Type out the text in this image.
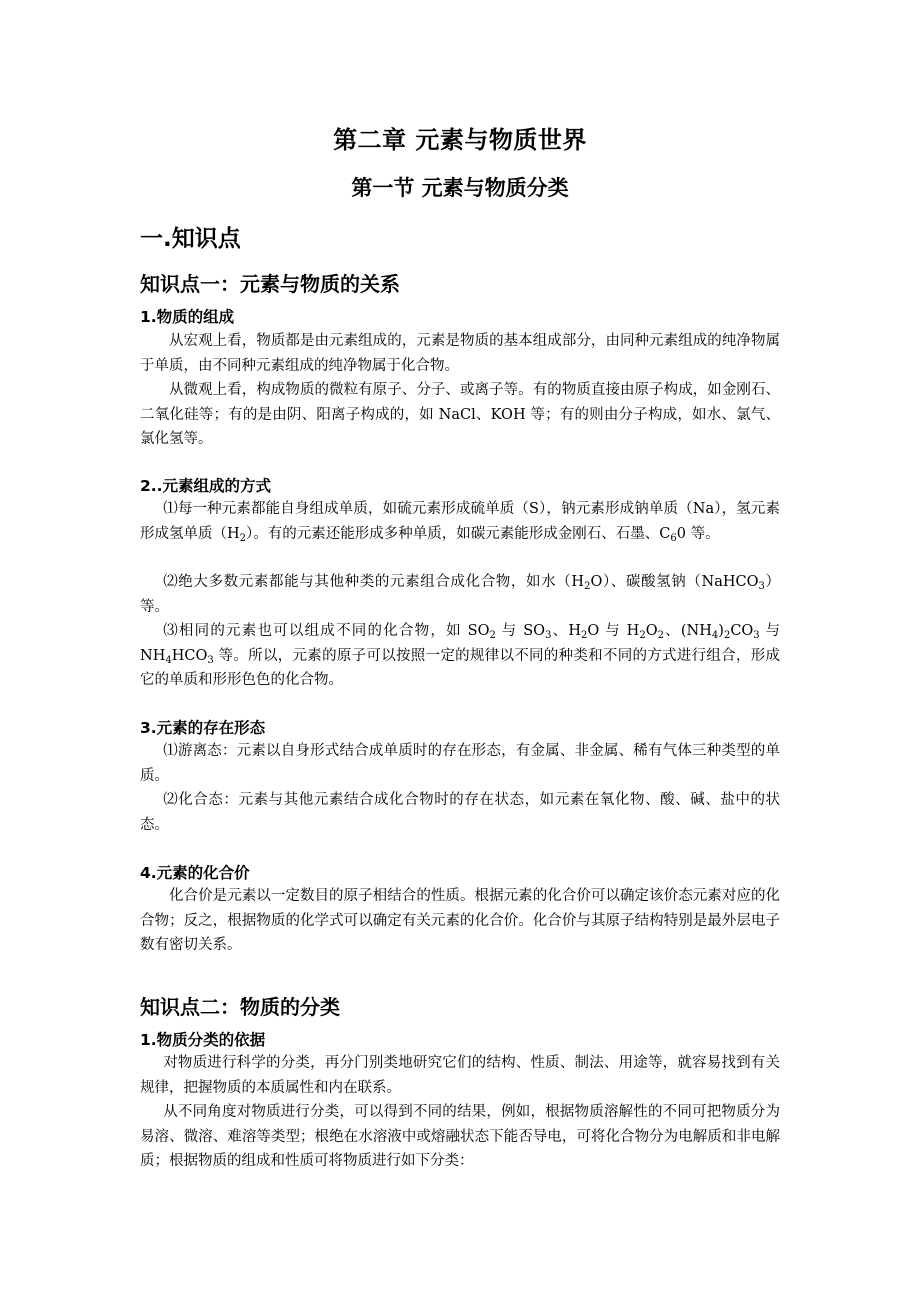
第二章 元素与物质世界
第一节 元素与物质分类
一.知识点
知识点一：元素与物质的关系
1.物质的组成
从宏观上看，物质都是由元素组成的，元素是物质的基本组成部分，由同种元素组成的纯净物属于单质，由不同种元素组成的纯净物属于化合物。
从微观上看，构成物质的微粒有原子、分子、或离子等。有的物质直接由原子构成，如金刚石、二氧化硅等；有的是由阴、阳离子构成的，如 NaCl、KOH 等；有的则由分子构成，如水、氯气、氯化氢等。
2..元素组成的方式
⑴每一种元素都能自身组成单质，如硫元素形成硫单质（S），钠元素形成钠单质（Na），氢元素形成氢单质$(H_2)$。有的元素还能形成多种单质，如碳元素能形成金刚石、石墨、$C_60$ 等。
⑵绝大多数元素都能与其他种类的元素组合成化合物，如水$(H_2O)$、碳酸氢钠（NaHCO$_3$）等。
⑶相同的元素也可以组成不同的化合物，如 $SO_2$ 与 $SO_3$、$H_2O$ 与 $H_2O_2$、$(NH_4)_2CO_3$ 与 $NH_4HCO_3$ 等。所以，元素的原子可以按照一定的规律以不同的种类和不同的方式进行组合，形成它的单质和形形色色的化合物。
3.元素的存在形态
⑴游离态：元素以自身形式结合成单质时的存在形态，有金属、非金属、稀有气体三种类型的单质。
⑵化合态：元素与其他元素结合成化合物时的存在状态，如元素在氧化物、酸、碱、盐中的状态。
4.元素的化合价
化合价是元素以一定数目的原子相结合的性质。根据元素的化合价可以确定该价态元素对应的化合物；反之，根据物质的化学式可以确定有关元素的化合价。化合价与其原子结构特别是最外层电子数有密切关系。
知识点二：物质的分类
1.物质分类的依据
对物质进行科学的分类，再分门别类地研究它们的结构、性质、制法、用途等，就容易找到有关规律，把握物质的本质属性和内在联系。
从不同角度对物质进行分类，可以得到不同的结果，例如，根据物质溶解性的不同可把物质分为易溶、微溶、难溶等类型；根绝在水溶液中或熔融状态下能否导电，可将化合物分为电解质和非电解质；根据物质的组成和性质可将物质进行如下分类：
